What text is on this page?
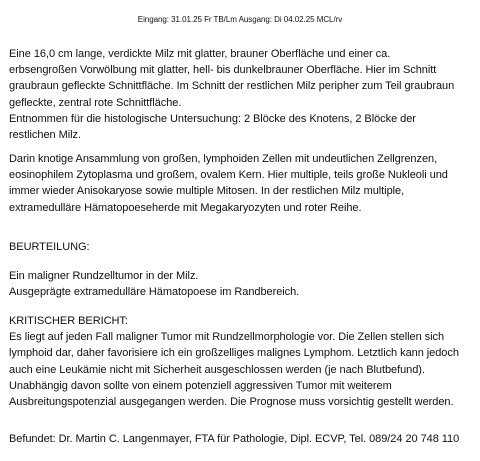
Eingang: 31.01.25 Fr TB/Lm Ausgang: Di 04.02.25 MCL/rv
Eine 16,0 cm lange, verdickte Milz mit glatter, brauner Oberfläche und einer ca.
erbsengroßen Vorwölbung mit glatter, hell- bis dunkelbrauner Oberfläche. Hier im Schnitt
graubraun gefleckte Schnittfläche. Im Schnitt der restlichen Milz peripher zum Teil graubraun
gefleckte, zentral rote Schnittfläche.
Entnommen für die histologische Untersuchung: 2 Blöcke des Knotens, 2 Blöcke der
restlichen Milz.
Darin knotige Ansammlung von großen, lymphoiden Zellen mit undeutlichen Zellgrenzen,
eosinophilem Zytoplasma und großem, ovalem Kern. Hier multiple, teils große Nukleoli und
immer wieder Anisokaryose sowie multiple Mitosen. In der restlichen Milz multiple,
extramedulläre Hämatopoeseherde mit Megakaryozyten und roter Reihe.
BEURTEILUNG:
Ein maligner Rundzelltumor in der Milz.
Ausgeprägte extramedulläre Hämatopoese im Randbereich.
KRITISCHER BERICHT:
Es liegt auf jeden Fall maligner Tumor mit Rundzellmorphologie vor. Die Zellen stellen sich
lymphoid dar, daher favorisiere ich ein großzelliges malignes Lymphom. Letztlich kann jedoch
auch eine Leukämie nicht mit Sicherheit ausgeschlossen werden (je nach Blutbefund).
Unabhängig davon sollte von einem potenziell aggressiven Tumor mit weiterem
Ausbreitungspotenzial ausgegangen werden. Die Prognose muss vorsichtig gestellt werden.
Befundet: Dr. Martin C. Langenmayer, FTA für Pathologie, Dipl. ECVP, Tel. 089/24 20 748 110
